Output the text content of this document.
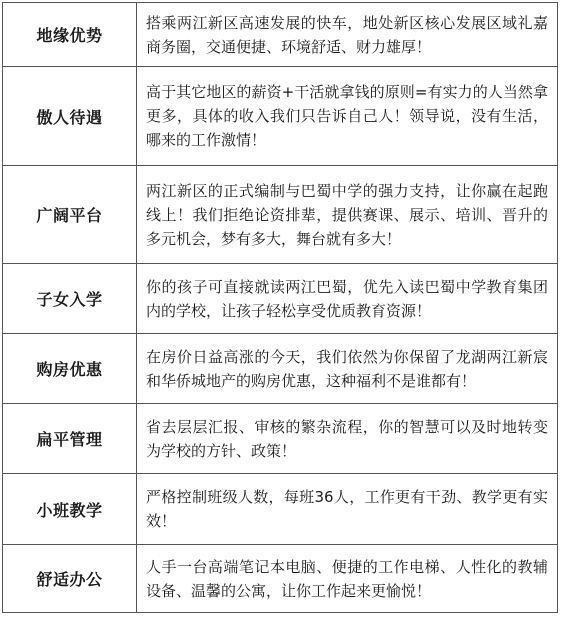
地缘优势	搭乘两江新区高速发展的快车，地处新区核心发展区域礼嘉商务圈，交通便捷、环境舒适、财力雄厚！
傲人待遇	高于其它地区的薪资+干活就拿钱的原则=有实力的人当然拿更多，具体的收入我们只告诉自己人！领导说，没有生活，哪来的工作激情！
广阔平台	两江新区的正式编制与巴蜀中学的强力支持，让你赢在起跑线上！我们拒绝论资排辈，提供赛课、展示、培训、晋升的多元机会，梦有多大，舞台就有多大！
子女入学	你的孩子可直接就读两江巴蜀，优先入读巴蜀中学教育集团内的学校，让孩子轻松享受优质教育资源！
购房优惠	在房价日益高涨的今天，我们依然为你保留了龙湖两江新宸和华侨城地产的购房优惠，这种福利不是谁都有！
扁平管理	省去层层汇报、审核的繁杂流程，你的智慧可以及时地转变为学校的方针、政策！
小班教学	严格控制班级人数，每班36人，工作更有干劲、教学更有实效！
舒适办公	人手一台高端笔记本电脑、便捷的工作电梯、人性化的教辅设备、温馨的公寓，让你工作起来更愉悦！
